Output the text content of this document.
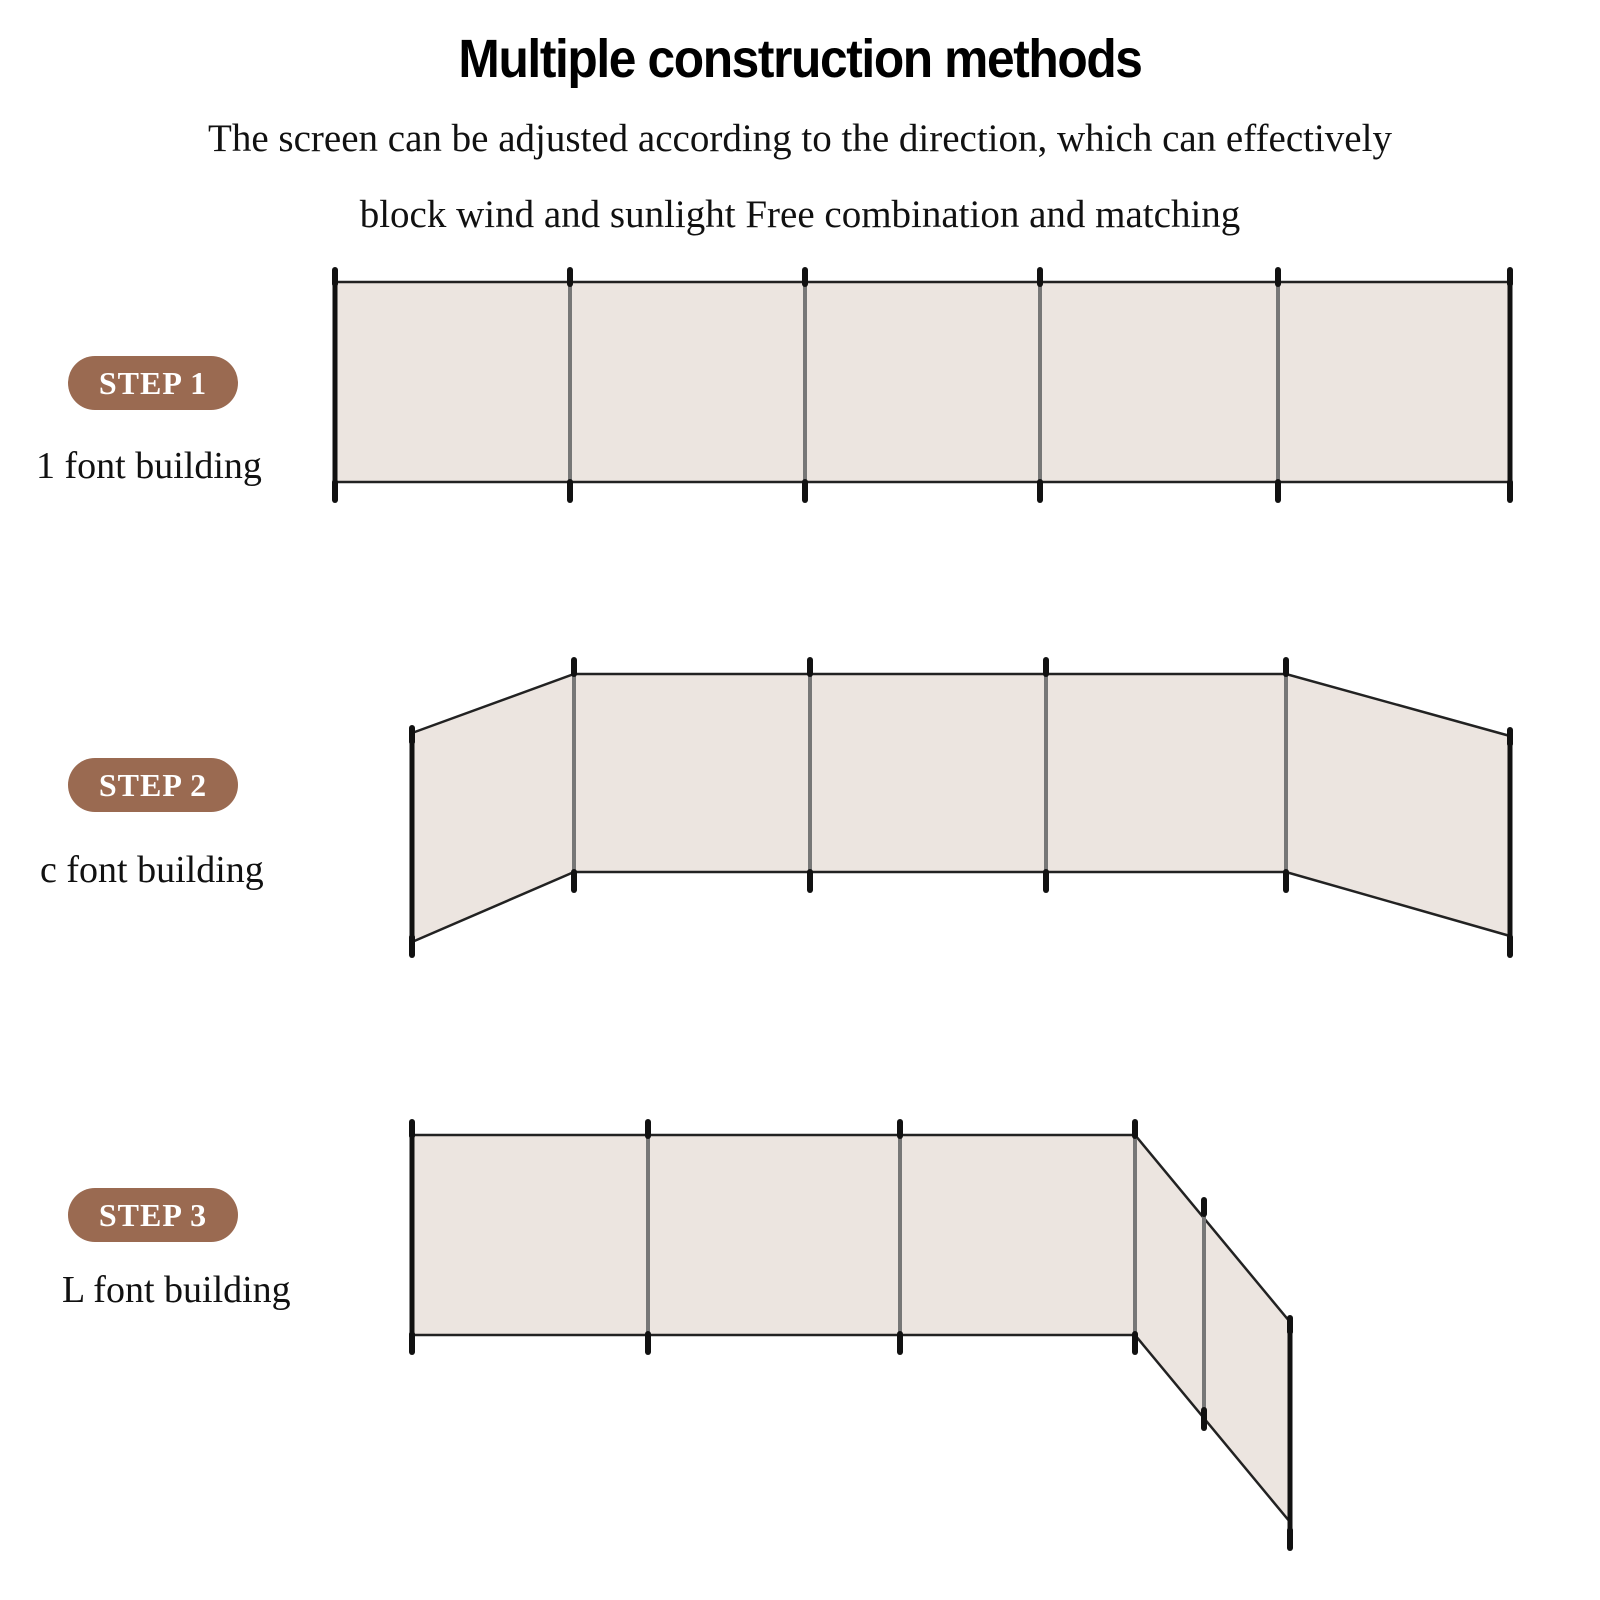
Multiple construction methods
The screen can be adjusted according to the direction, which can effectively
block wind and sunlight Free combination and matching
STEP 1
1 font building
STEP 2
c font building
STEP 3
L font building
